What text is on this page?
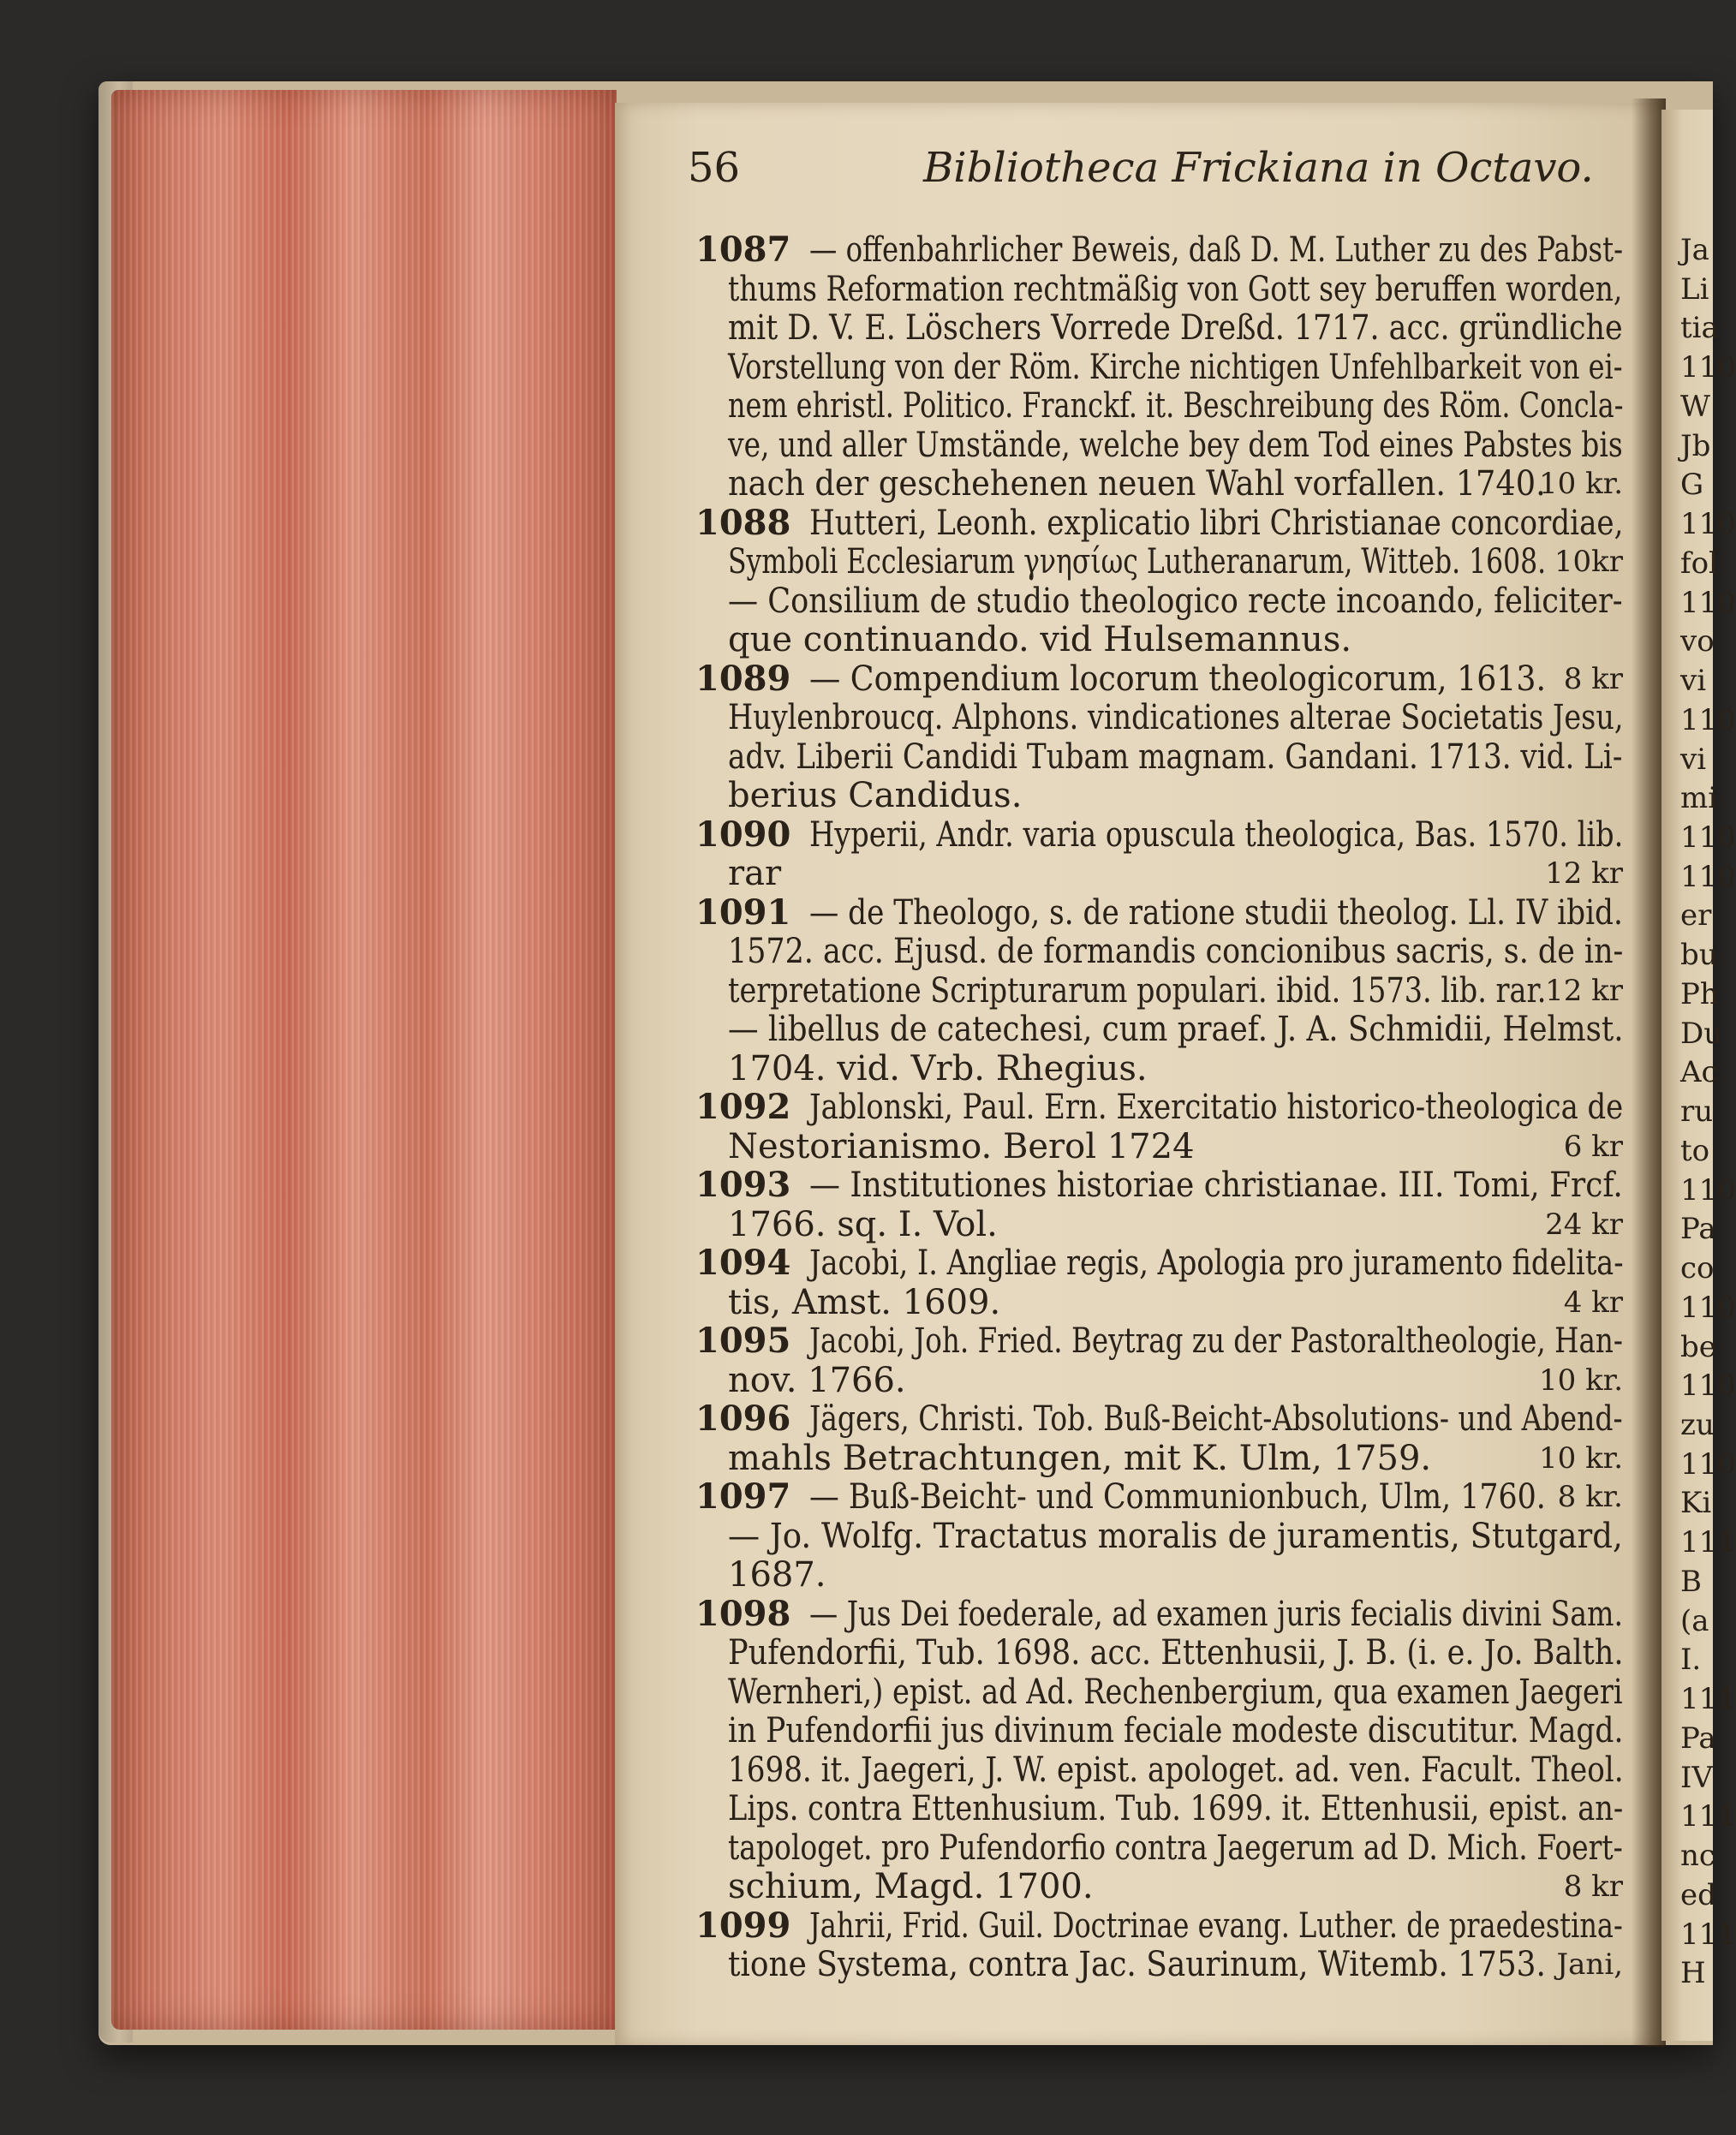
56	Bibliotheca Frickiana in Octavo.
1087 — offenbahrlicher Beweis, daß D. M. Luther zu des Pabst-
thums Reformation rechtmäßig von Gott sey beruffen worden,
mit D. V. E. Löschers Vorrede Dreßd. 1717. acc. gründliche
Vorstellung von der Röm. Kirche nichtigen Unfehlbarkeit von ei-
nem ehristl. Politico. Franckf. it. Beschreibung des Röm. Concla-
ve, und aller Umstände, welche bey dem Tod eines Pabstes bis
nach der geschehenen neuen Wahl vorfallen. 1740.
10 kr.
1088 Hutteri, Leonh. explicatio libri Christianae concordiae,
Symboli Ecclesiarum γνησίως Lutheranarum, Witteb. 1608. 10kr
— Consilium de studio theologico recte incoando, feliciter-
que continuando. vid Hulsemannus.
1089 — Compendium locorum theologicorum, 1613. 8 kr
Huylenbroucq. Alphons. vindicationes alterae Societatis Jesu,
adv. Liberii Candidi Tubam magnam. Gandani. 1713. vid. Li-
berius Candidus.
1090 Hyperii, Andr. varia opuscula theologica, Bas. 1570. lib.
rar	12 kr
1091 — de Theologo, s. de ratione studii theolog. Ll. IV ibid.
1572. acc. Ejusd. de formandis concionibus sacris, s. de in-
terpretatione Scripturarum populari. ibid. 1573. lib. rar.
12 kr
— libellus de catechesi, cum praef. J. A. Schmidii, Helmst.
1704. vid. Vrb. Rhegius.
1092 Jablonski, Paul. Ern. Exercitatio historico-theologica de
Nestorianismo. Berol 1724	6 kr
1093 — Institutiones historiae christianae. III. Tomi, Frcf.
1766. sq. I. Vol.	24 kr
1094 Jacobi, I. Angliae regis, Apologia pro juramento fidelita-
tis, Amst. 1609.	4 kr
1095 Jacobi, Joh. Fried. Beytrag zu der Pastoraltheologie, Han-
nov. 1766.	10 kr.
1096 Jägers, Christi. Tob. Buß-Beicht-Absolutions- und Abend-
mahls Betrachtungen, mit K. Ulm, 1759.	10 kr.
1097 — Buß-Beicht- und Communionbuch, Ulm, 1760. 8 kr.
— Jo. Wolfg. Tractatus moralis de juramentis, Stutgard,
1687.
1098 — Jus Dei foederale, ad examen juris fecialis divini Sam.
Pufendorfii, Tub. 1698. acc. Ettenhusii, J. B. (i. e. Jo. Balth.
Wernheri,) epist. ad Ad. Rechenbergium, qua examen Jaegeri
in Pufendorfii jus divinum feciale modeste discutitur. Magd.
1698. it. Jaegeri, J. W. epist. apologet. ad. ven. Facult. Theol.
Lips. contra Ettenhusium. Tub. 1699. it. Ettenhusii, epist. an-
tapologet. pro Pufendorfio contra Jaegerum ad D. Mich. Foert-
schium, Magd. 1700.	8 kr
1099 Jahrii, Frid. Guil. Doctrinae evang. Luther. de praedestina-
tione Systema, contra Jac. Saurinum, Witemb. 1753. Jani,
Ja
Li
tia
110
W
Jb
G
110
fol
110
vo
vi
110
vi
mi
110
110
er
bu
Ph
Du
Ac
ru
to
110
Pa
co
110
be
110
zu
110
Ki
111
B
(a
I.
111
Pa
IV
111
nc
ed
111
H
